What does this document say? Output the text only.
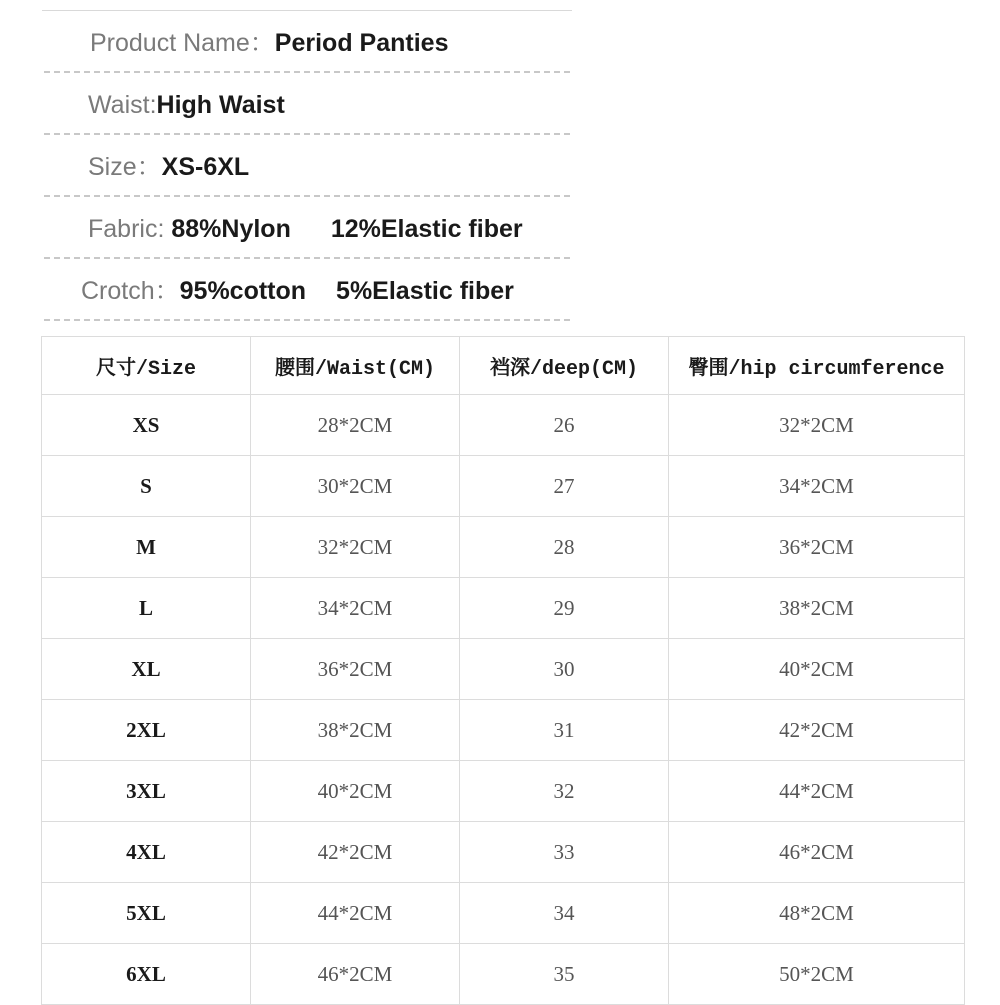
Product Name：Period Panties
Waist:High Waist
Size：XS-6XL
Fabric: 88%Nylon 12%Elastic fiber
Crotch：95%cotton 5%Elastic fiber
尺寸/Size	腰围/Waist(CM)	裆深/deep(CM)	臀围/hip circumference
XS	28*2CM	26	32*2CM
S	30*2CM	27	34*2CM
M	32*2CM	28	36*2CM
L	34*2CM	29	38*2CM
XL	36*2CM	30	40*2CM
2XL	38*2CM	31	42*2CM
3XL	40*2CM	32	44*2CM
4XL	42*2CM	33	46*2CM
5XL	44*2CM	34	48*2CM
6XL	46*2CM	35	50*2CM
